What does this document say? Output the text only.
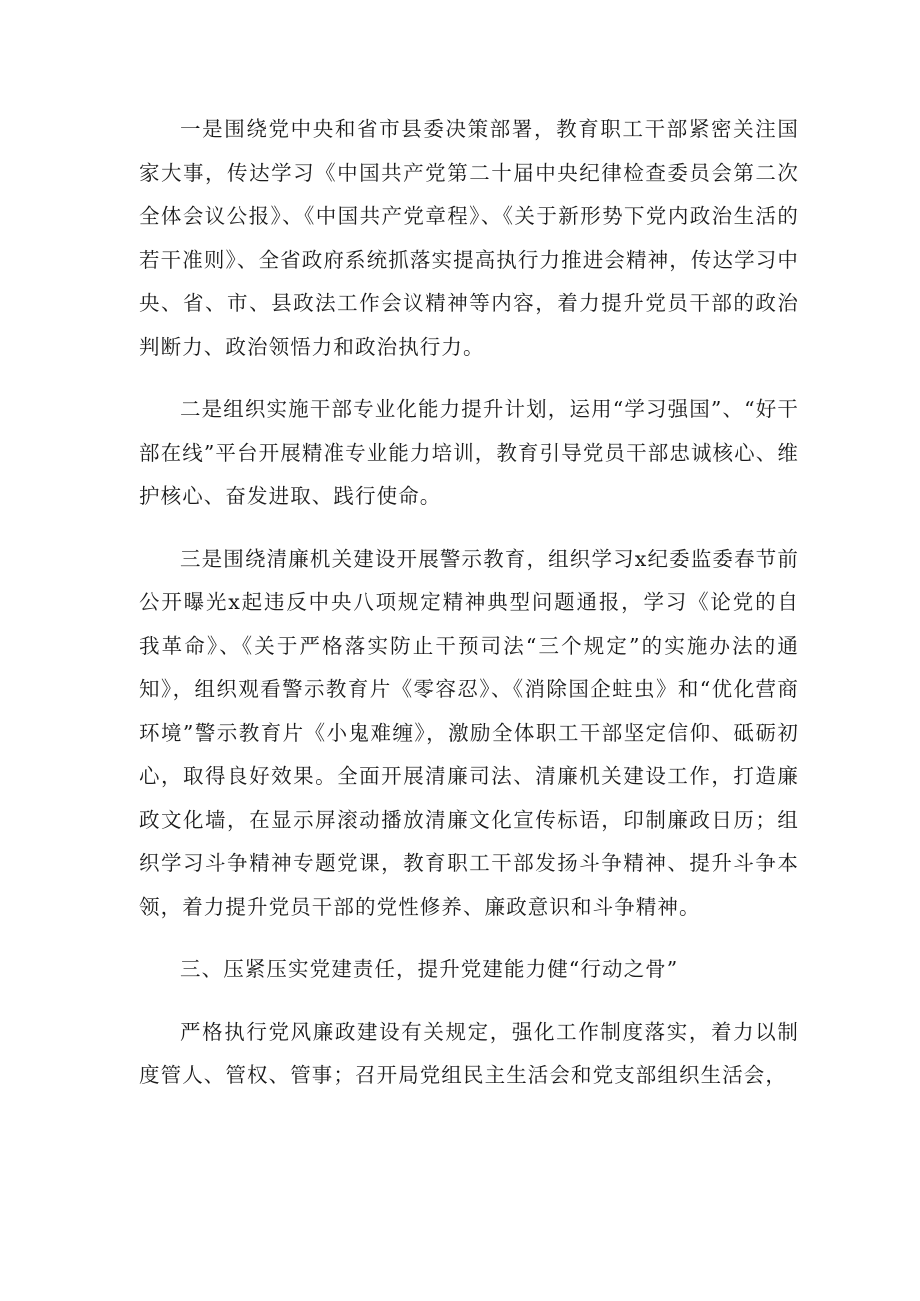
一是围绕党中央和省市县委决策部署，教育职工干部紧密关注国家大事，传达学习《中国共产党第二十届中央纪律检查委员会第二次全体会议公报》、《中国共产党章程》、《关于新形势下党内政治生活的若干准则》、全省政府系统抓落实提高执行力推进会精神，传达学习中央、省、市、县政法工作会议精神等内容，着力提升党员干部的政治判断力、政治领悟力和政治执行力。

二是组织实施干部专业化能力提升计划，运用“学习强国”、“好干部在线”平台开展精准专业能力培训，教育引导党员干部忠诚核心、维护核心、奋发进取、践行使命。

三是围绕清廉机关建设开展警示教育，组织学习x纪委监委春节前公开曝光x起违反中央八项规定精神典型问题通报，学习《论党的自我革命》、《关于严格落实防止干预司法“三个规定”的实施办法的通知》，组织观看警示教育片《零容忍》、《消除国企蛀虫》和“优化营商环境”警示教育片《小鬼难缠》，激励全体职工干部坚定信仰、砥砺初心，取得良好效果。全面开展清廉司法、清廉机关建设工作，打造廉政文化墙，在显示屏滚动播放清廉文化宣传标语，印制廉政日历；组织学习斗争精神专题党课，教育职工干部发扬斗争精神、提升斗争本领，着力提升党员干部的党性修养、廉政意识和斗争精神。

三、压紧压实党建责任，提升党建能力健“行动之骨”

严格执行党风廉政建设有关规定，强化工作制度落实，着力以制度管人、管权、管事；召开局党组民主生活会和党支部组织生活会，
